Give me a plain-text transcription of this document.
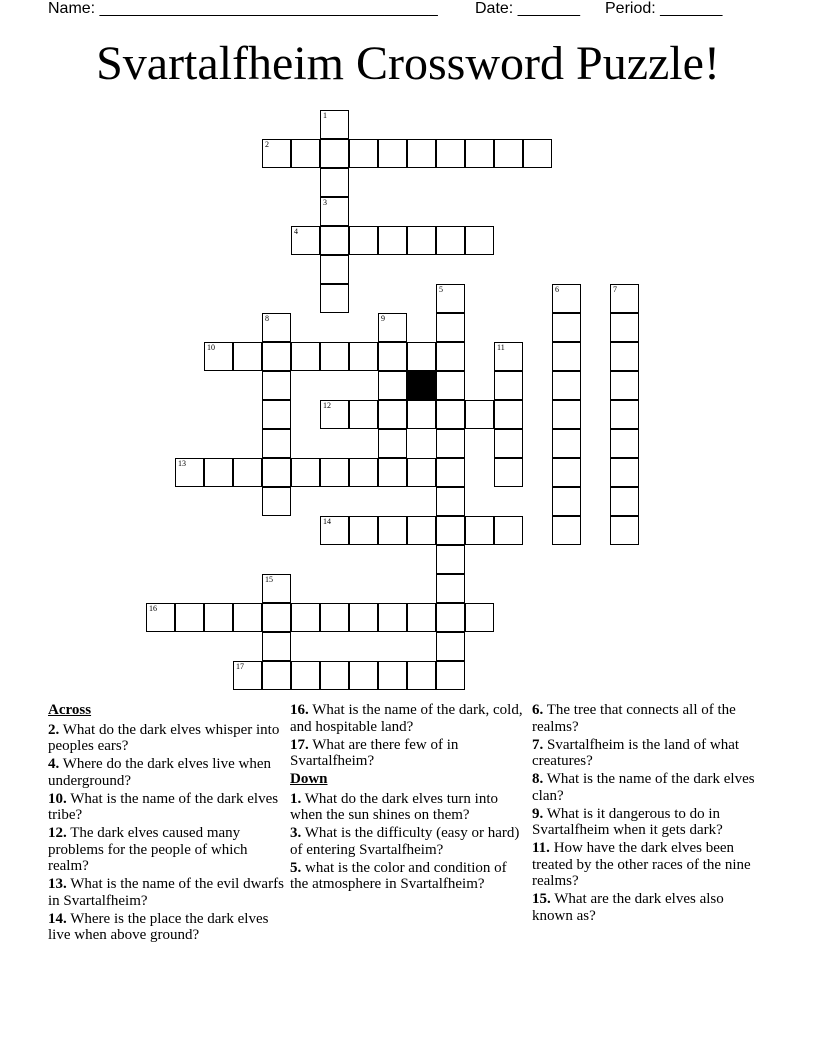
Name: ______________________________________

Date: _______

Period: _______

Svartalfheim Crossword Puzzle!
2
4
10
12
13
14
16
17
1
3
5	6	7
8	9
11
15
Across
2. What do the dark elves whisper into peoples ears?
4. Where do the dark elves live when underground?
10. What is the name of the dark elves tribe?
12. The dark elves caused many problems for the people of which realm?
13. What is the name of the evil dwarfs in Svartalfheim?
14. Where is the place the dark elves live when above ground?
16. What is the name of the dark, cold, and hospitable land?
17. What are there few of in Svartalfheim?
Down
1. What do the dark elves turn into when the sun shines on them?
3. What is the difficulty (easy or hard) of entering Svartalfheim?
5. what is the color and condition of the atmosphere in Svartalfheim?
6. The tree that connects all of the realms?
7. Svartalfheim is the land of what creatures?
8. What is the name of the dark elves clan?
9. What is it dangerous to do in Svartalfheim when it gets dark?
11. How have the dark elves been treated by the other races of the nine realms?
15. What are the dark elves also known as?
